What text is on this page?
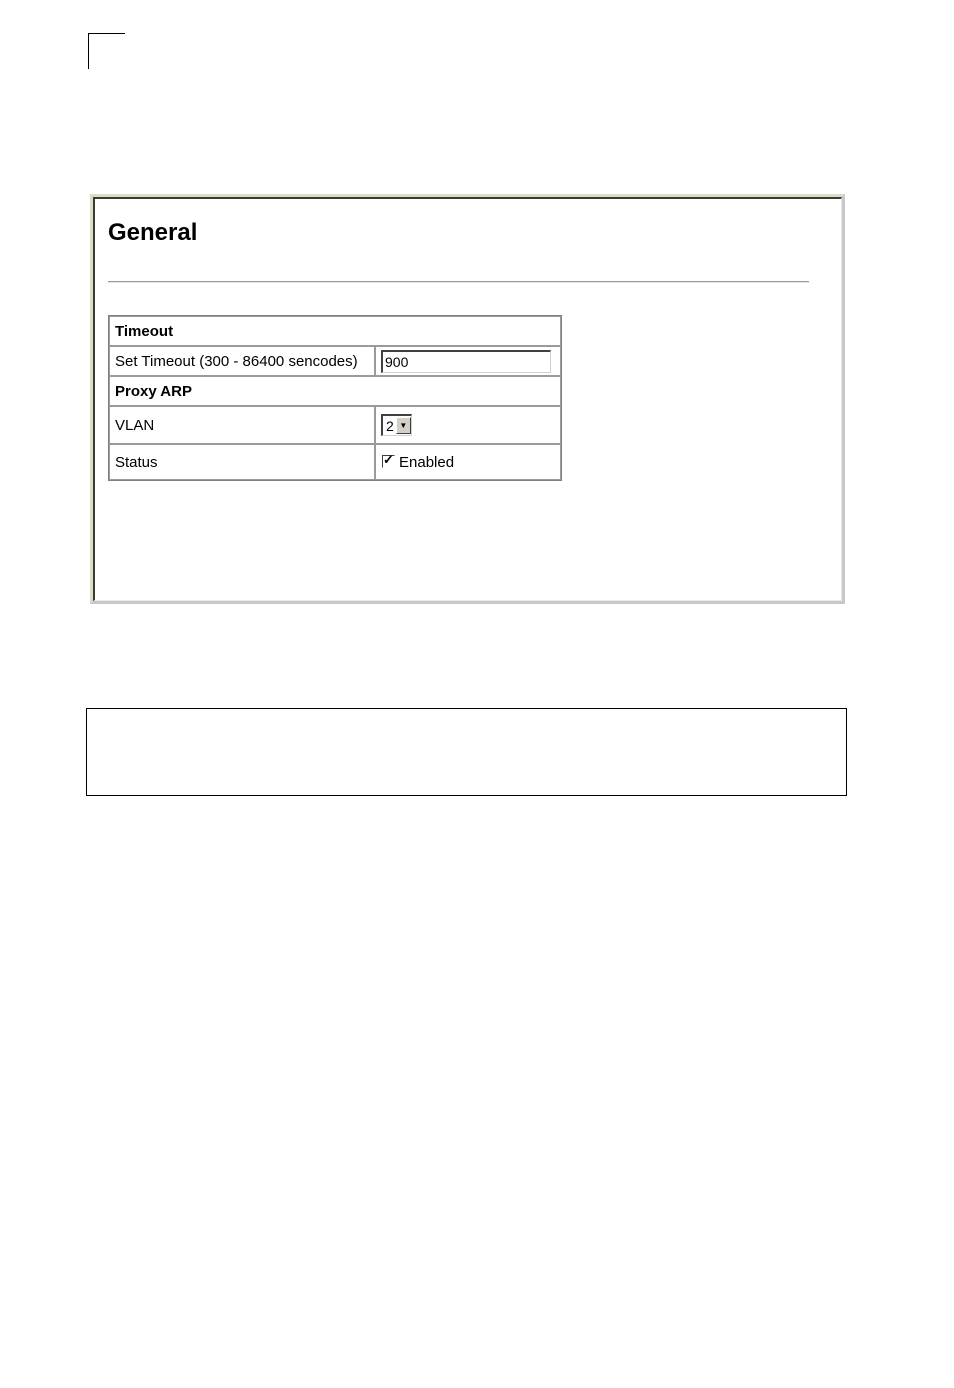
General
Timeout	
Set Timeout (300 - 86400 sencodes)	900
Proxy ARP	
VLAN	2 ▼

Status	✓ Enabled
